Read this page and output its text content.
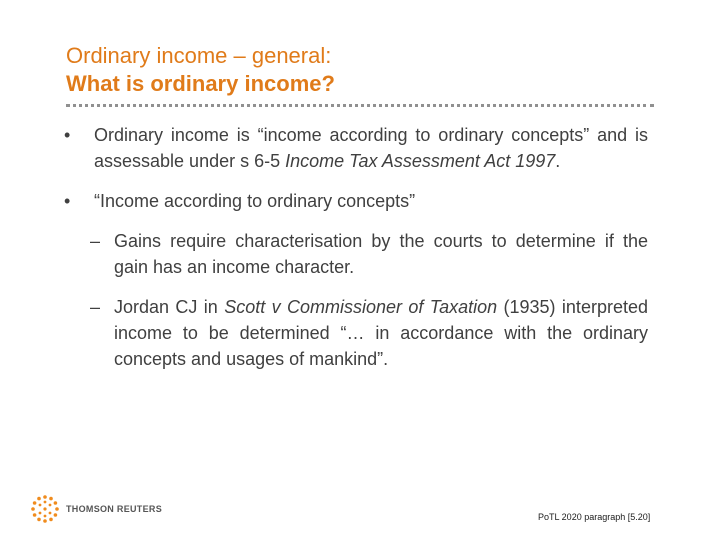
Ordinary income – general:
What is ordinary income?
• Ordinary income is “income according to ordinary concepts” and is assessable under s 6-5 Income Tax Assessment Act 1997.
• “Income according to ordinary concepts”
– Gains require characterisation by the courts to determine if the gain has an income character.
– Jordan CJ in Scott v Commissioner of Taxation (1935) interpreted income to be determined “… in accordance with the ordinary concepts and usages of mankind”.
THOMSON REUTERS
PoTL 2020 paragraph [5.20]
